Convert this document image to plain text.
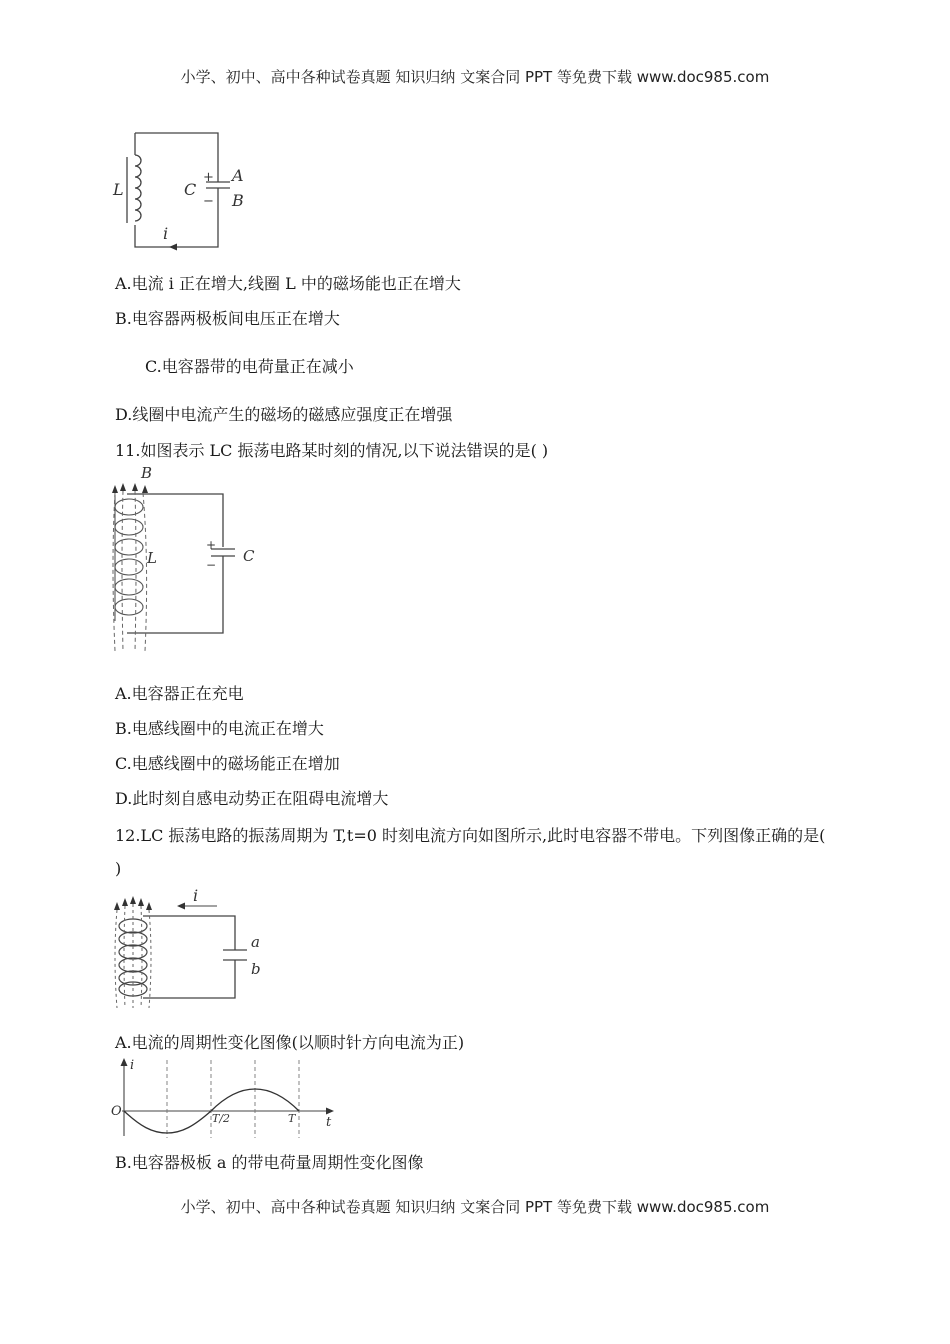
小学、初中、高中各种试卷真题 知识归纳 文案合同 PPT 等免费下载 www.doc985.com
L	C
+
−
A
B
i
A.电流 i 正在增大,线圈 L 中的磁场能也正在增大
B.电容器两极板间电压正在增大
C.电容器带的电荷量正在减小
D.线圈中电流产生的磁场的磁感应强度正在增强
11.如图表示 LC 振荡电路某时刻的情况,以下说法错误的是( )
B
L	C
+
−
A.电容器正在充电
B.电感线圈中的电流正在增大
C.电感线圈中的磁场能正在增加
D.此时刻自感电动势正在阻碍电流增大
12.LC 振荡电路的振荡周期为 T,t=0 时刻电流方向如图所示,此时电容器不带电。下列图像正确的是(
)
i
a
b
A.电流的周期性变化图像(以顺时针方向电流为正)
i
t
O	T/2	T
B.电容器极板 a 的带电荷量周期性变化图像
小学、初中、高中各种试卷真题 知识归纳 文案合同 PPT 等免费下载 www.doc985.com
